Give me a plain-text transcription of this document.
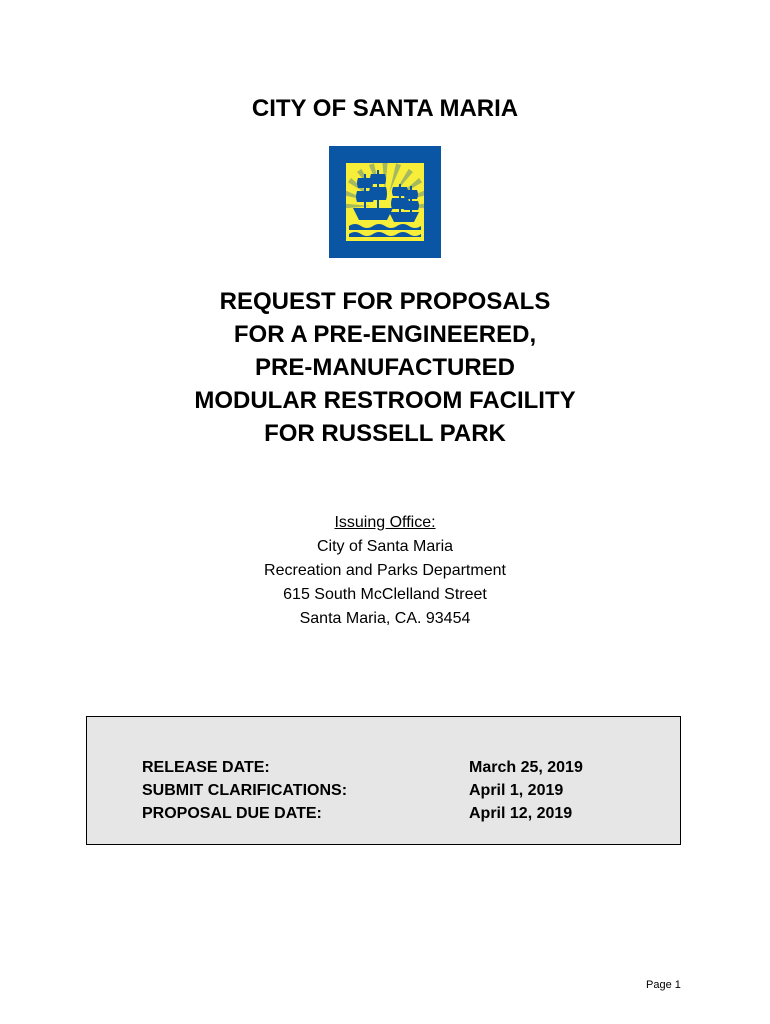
CITY OF SANTA MARIA
REQUEST FOR PROPOSALS
FOR A PRE-ENGINEERED,
PRE-MANUFACTURED
MODULAR RESTROOM FACILITY
FOR RUSSELL PARK
Issuing Office:
City of Santa Maria
Recreation and Parks Department
615 South McClelland Street
Santa Maria, CA. 93454
RELEASE DATE:	March 25, 2019
SUBMIT CLARIFICATIONS:	April 1, 2019
PROPOSAL DUE DATE:	April 12, 2019
Page 1
